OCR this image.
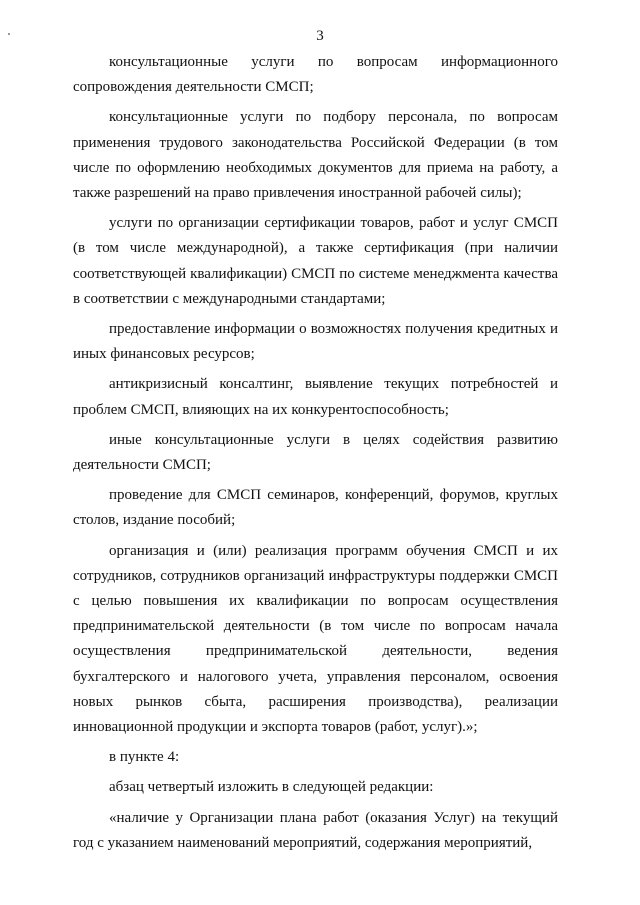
3

консультационные услуги по вопросам информационного сопровождения деятельности СМСП;

консультационные услуги по подбору персонала, по вопросам применения трудового законодательства Российской Федерации (в том числе по оформлению необходимых документов для приема на работу, а также разрешений на право привлечения иностранной рабочей силы);

услуги по организации сертификации товаров, работ и услуг СМСП (в том числе международной), а также сертификация (при наличии соответствующей квалификации) СМСП по системе менеджмента качества в соответствии с международными стандартами;

предоставление информации о возможностях получения кредитных и иных финансовых ресурсов;

антикризисный консалтинг, выявление текущих потребностей и проблем СМСП, влияющих на их конкурентоспособность;

иные консультационные услуги в целях содействия развитию деятельности СМСП;

проведение для СМСП семинаров, конференций, форумов, круглых столов, издание пособий;

организация и (или) реализация программ обучения СМСП и их сотрудников, сотрудников организаций инфраструктуры поддержки СМСП с целью повышения их квалификации по вопросам осуществления предпринимательской деятельности (в том числе по вопросам начала осуществления предпринимательской деятельности, ведения бухгалтерского и налогового учета, управления персоналом, освоения новых рынков сбыта, расширения производства), реализации инновационной продукции и экспорта товаров (работ, услуг).»;

в пункте 4:

абзац четвертый изложить в следующей редакции:

«наличие у Организации плана работ (оказания Услуг) на текущий год с указанием наименований мероприятий, содержания мероприятий,
